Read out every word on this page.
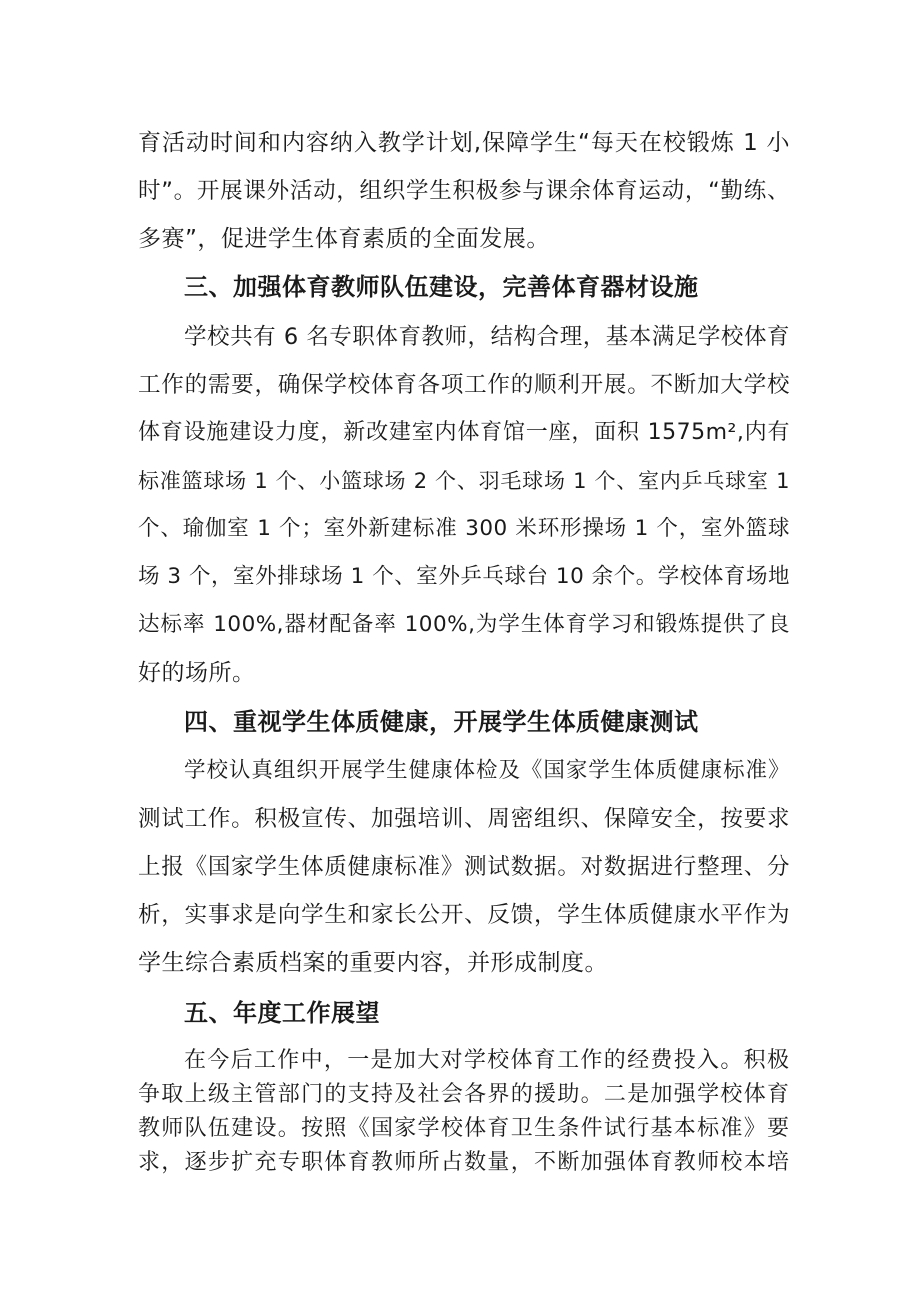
育活动时间和内容纳入教学计划,保障学生“每天在校锻炼 1 小
时”。开展课外活动，组织学生积极参与课余体育运动，“勤练、
多赛”，促进学生体育素质的全面发展。
三、加强体育教师队伍建设，完善体育器材设施
学校共有 6 名专职体育教师，结构合理，基本满足学校体育
工作的需要，确保学校体育各项工作的顺利开展。不断加大学校
体育设施建设力度，新改建室内体育馆一座，面积 1575m²,内有
标准篮球场 1 个、小篮球场 2 个、羽毛球场 1 个、室内乒乓球室 1
个、瑜伽室 1 个；室外新建标准 300 米环形操场 1 个，室外篮球
场 3 个，室外排球场 1 个、室外乒乓球台 10 余个。学校体育场地
达标率 100%,器材配备率 100%,为学生体育学习和锻炼提供了良
好的场所。
四、重视学生体质健康，开展学生体质健康测试
学校认真组织开展学生健康体检及《国家学生体质健康标准》
测试工作。积极宣传、加强培训、周密组织、保障安全，按要求
上报《国家学生体质健康标准》测试数据。对数据进行整理、分
析，实事求是向学生和家长公开、反馈，学生体质健康水平作为
学生综合素质档案的重要内容，并形成制度。
五、年度工作展望
在今后工作中，一是加大对学校体育工作的经费投入。积极
争取上级主管部门的支持及社会各界的援助。二是加强学校体育
教师队伍建设。按照《国家学校体育卫生条件试行基本标准》要
求，逐步扩充专职体育教师所占数量，不断加强体育教师校本培
